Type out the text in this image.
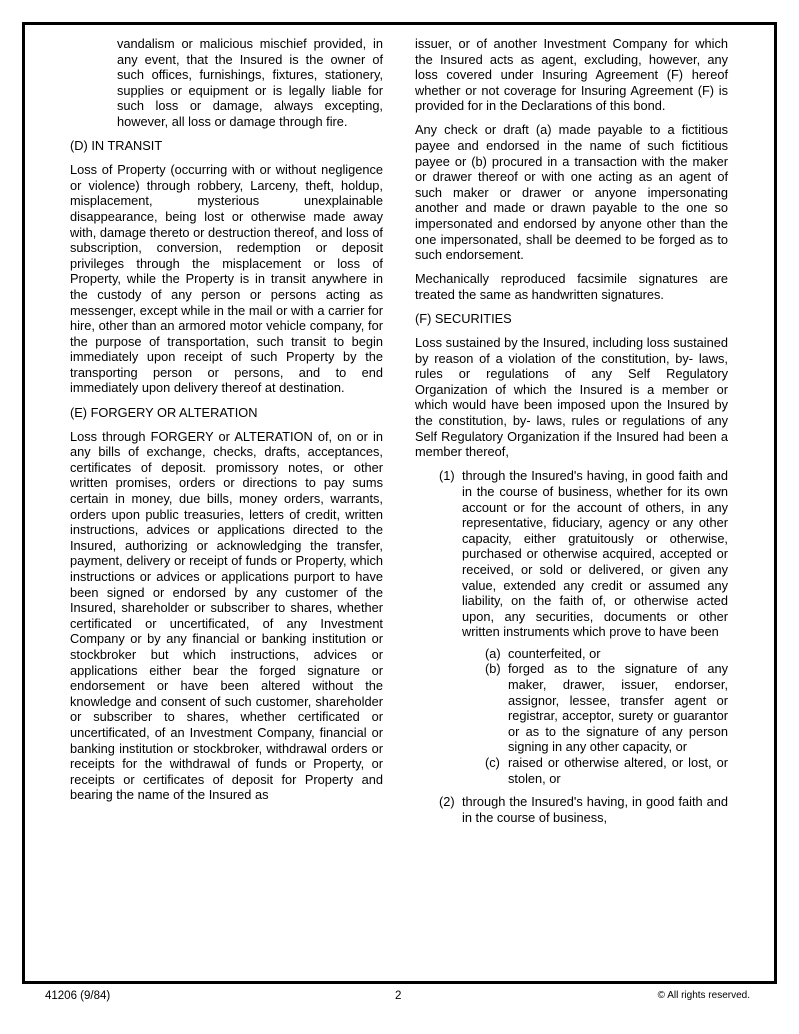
vandalism or malicious mischief provided, in any event, that the Insured is the owner of such offices, furnishings, fixtures, stationery, supplies or equipment or is legally liable for such loss or damage, always excepting, however, all loss or damage through fire.

(D) IN TRANSIT

Loss of Property (occurring with or without negligence or violence) through robbery, Larceny, theft, holdup, misplacement, mysterious unexplainable disappearance, being lost or otherwise made away with, damage thereto or destruction thereof, and loss of subscription, conversion, redemption or deposit privileges through the misplacement or loss of Property, while the Property is in transit anywhere in the custody of any person or persons acting as messenger, except while in the mail or with a carrier for hire, other than an armored motor vehicle company, for the purpose of transportation, such transit to begin immediately upon receipt of such Property by the transporting person or persons, and to end immediately upon delivery thereof at destination.

(E) FORGERY OR ALTERATION

Loss through FORGERY or ALTERATION of, on or in any bills of exchange, checks, drafts, acceptances, certificates of deposit. promissory notes, or other written promises, orders or directions to pay sums certain in money, due bills, money orders, warrants, orders upon public treasuries, letters of credit, written instructions, advices or applications directed to the Insured, authorizing or acknowledging the transfer, payment, delivery or receipt of funds or Property, which instructions or advices or applications purport to have been signed or endorsed by any customer of the Insured, shareholder or subscriber to shares, whether certificated or uncertificated, of any Investment Company or by any financial or banking institution or stockbroker but which instructions, advices or applications either bear the forged signature or endorsement or have been altered without the knowledge and consent of such customer, shareholder or subscriber to shares, whether certificated or uncertificated, of an Investment Company, financial or banking institution or stockbroker, withdrawal orders or receipts for the withdrawal of funds or Property, or receipts or certificates of deposit for Property and bearing the name of the Insured as

issuer, or of another Investment Company for which the Insured acts as agent, excluding, however, any loss covered under Insuring Agreement (F) hereof whether or not coverage for Insuring Agreement (F) is provided for in the Declarations of this bond.

Any check or draft (a) made payable to a fictitious payee and endorsed in the name of such fictitious payee or (b) procured in a transaction with the maker or drawer thereof or with one acting as an agent of such maker or drawer or anyone impersonating another and made or drawn payable to the one so impersonated and endorsed by anyone other than the one impersonated, shall be deemed to be forged as to such endorsement.

Mechanically reproduced facsimile signatures are treated the same as handwritten signatures.

(F) SECURITIES

Loss sustained by the Insured, including loss sustained by reason of a violation of the constitution, by- laws, rules or regulations of any Self Regulatory Organization of which the Insured is a member or which would have been imposed upon the Insured by the constitution, by- laws, rules or regulations of any Self Regulatory Organization if the Insured had been a member thereof,

(1) through the Insured's having, in good faith and in the course of business, whether for its own account or for the account of others, in any representative, fiduciary, agency or any other capacity, either gratuitously or otherwise, purchased or otherwise acquired, accepted or received, or sold or delivered, or given any value, extended any credit or assumed any liability, on the faith of, or otherwise acted upon, any securities, documents or other written instruments which prove to have been
(a) counterfeited, or
(b) forged as to the signature of any maker, drawer, issuer, endorser, assignor, lessee, transfer agent or registrar, acceptor, surety or guarantor or as to the signature of any person signing in any other capacity, or
(c) raised or otherwise altered, or lost, or stolen, or
(2) through the Insured's having, in good faith and in the course of business,
41206 (9/84)	2	© All rights reserved.
